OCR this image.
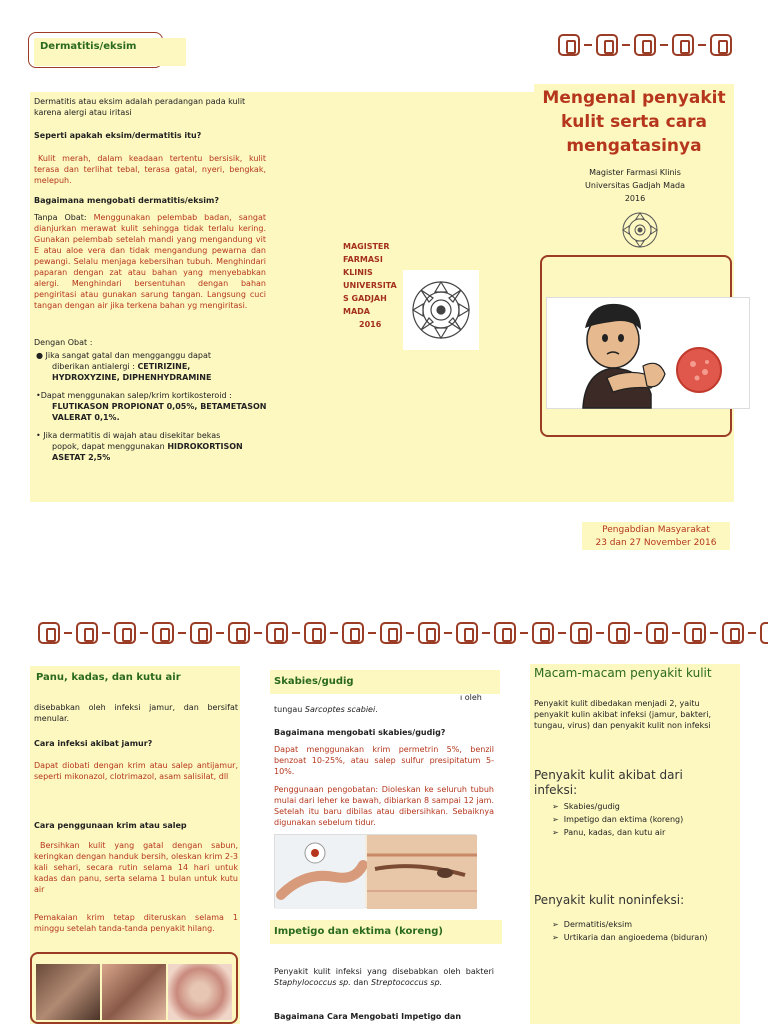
Dermatitis/eksim
Dermatitis atau eksim adalah peradangan pada kulit karena alergi atau iritasi
Seperti apakah eksim/dermatitis itu?
Kulit merah, dalam keadaan tertentu bersisik, kulit terasa dan terlihat tebal, terasa gatal, nyeri, bengkak, melepuh.
Bagaimana mengobati dermatitis/eksim?
Tanpa Obat: Menggunakan pelembab badan, sangat dianjurkan merawat kulit sehingga tidak terlalu kering. Gunakan pelembab setelah mandi yang mengandung vit E atau aloe vera dan tidak mengandung pewarna dan pewangi. Selalu menjaga kebersihan tubuh. Menghindari paparan dengan zat atau bahan yang menyebabkan alergi. Menghindari bersentuhan dengan bahan pengiritasi atau gunakan sarung tangan. Langsung cuci tangan dengan air jika terkena bahan yg mengiritasi.
Dengan Obat :
● Jika sangat gatal dan mengganggu dapat
diberikan antialergi : CETIRIZINE,
HYDROXYZINE, DIPHENHYDRAMINE
•Dapat menggunakan salep/krim kortikosteroid :
FLUTIKASON PROPIONAT 0,05%, BETAMETASON
VALERAT 0,1%.
• Jika dermatitis di wajah atau disekitar bekas
popok, dapat menggunakan HIDROKORTISON
ASETAT 2,5%
MAGISTER
FARMASI
KLINIS
UNIVERSITA
S GADJAH
MADA
2016
Mengenal penyakit kulit serta cara mengatasinya
Magister Farmasi Klinis
Universitas Gadjah Mada
2016
Pengabdian Masyarakat
23 dan 27 November 2016
Panu, kadas, dan kutu air
disebabkan oleh infeksi jamur, dan bersifat menular.
Cara infeksi akibat jamur?
Dapat diobati dengan krim atau salep antijamur, seperti mikonazol, clotrimazol, asam salisilat, dll
Cara penggunaan krim atau salep
Bersihkan kulit yang gatal dengan sabun, keringkan dengan handuk bersih, oleskan krim 2-3 kali sehari, secara rutin selama 14 hari untuk kadas dan panu, serta selama 1 bulan untuk kutu air
Pemakaian krim tetap diteruskan selama 1 minggu setelah tanda-tanda penyakit hilang.
Skabies/gudig
ı oleh
tungau Sarcoptes scabiei.
Bagaimana mengobati skabies/gudig?
Dapat menggunakan krim permetrin 5%, benzil benzoat 10-25%, atau salep sulfur presipitatum 5-10%.
Penggunaan pengobatan: Dioleskan ke seluruh tubuh mulai dari leher ke bawah, dibiarkan 8 sampai 12 jam. Setelah itu baru dibilas atau dibersihkan. Sebaiknya digunakan sebelum tidur.
Impetigo dan ektima (koreng)
Penyakit kulit infeksi yang disebabkan oleh bakteri Staphylococcus sp. dan Streptococcus sp.
Bagaimana Cara Mengobati Impetigo dan
Macam-macam penyakit kulit
Penyakit kulit dibedakan menjadi 2, yaitu penyakit kulin akibat infeksi (jamur, bakteri, tungau, virus) dan penyakit kulit non infeksi
Penyakit kulit akibat dari infeksi:
➢  Skabies/gudig
➢  Impetigo dan ektima (koreng)
➢  Panu, kadas, dan kutu air
Penyakit kulit noninfeksi:
➢  Dermatitis/eksim
➢  Urtikaria dan angioedema (biduran)
